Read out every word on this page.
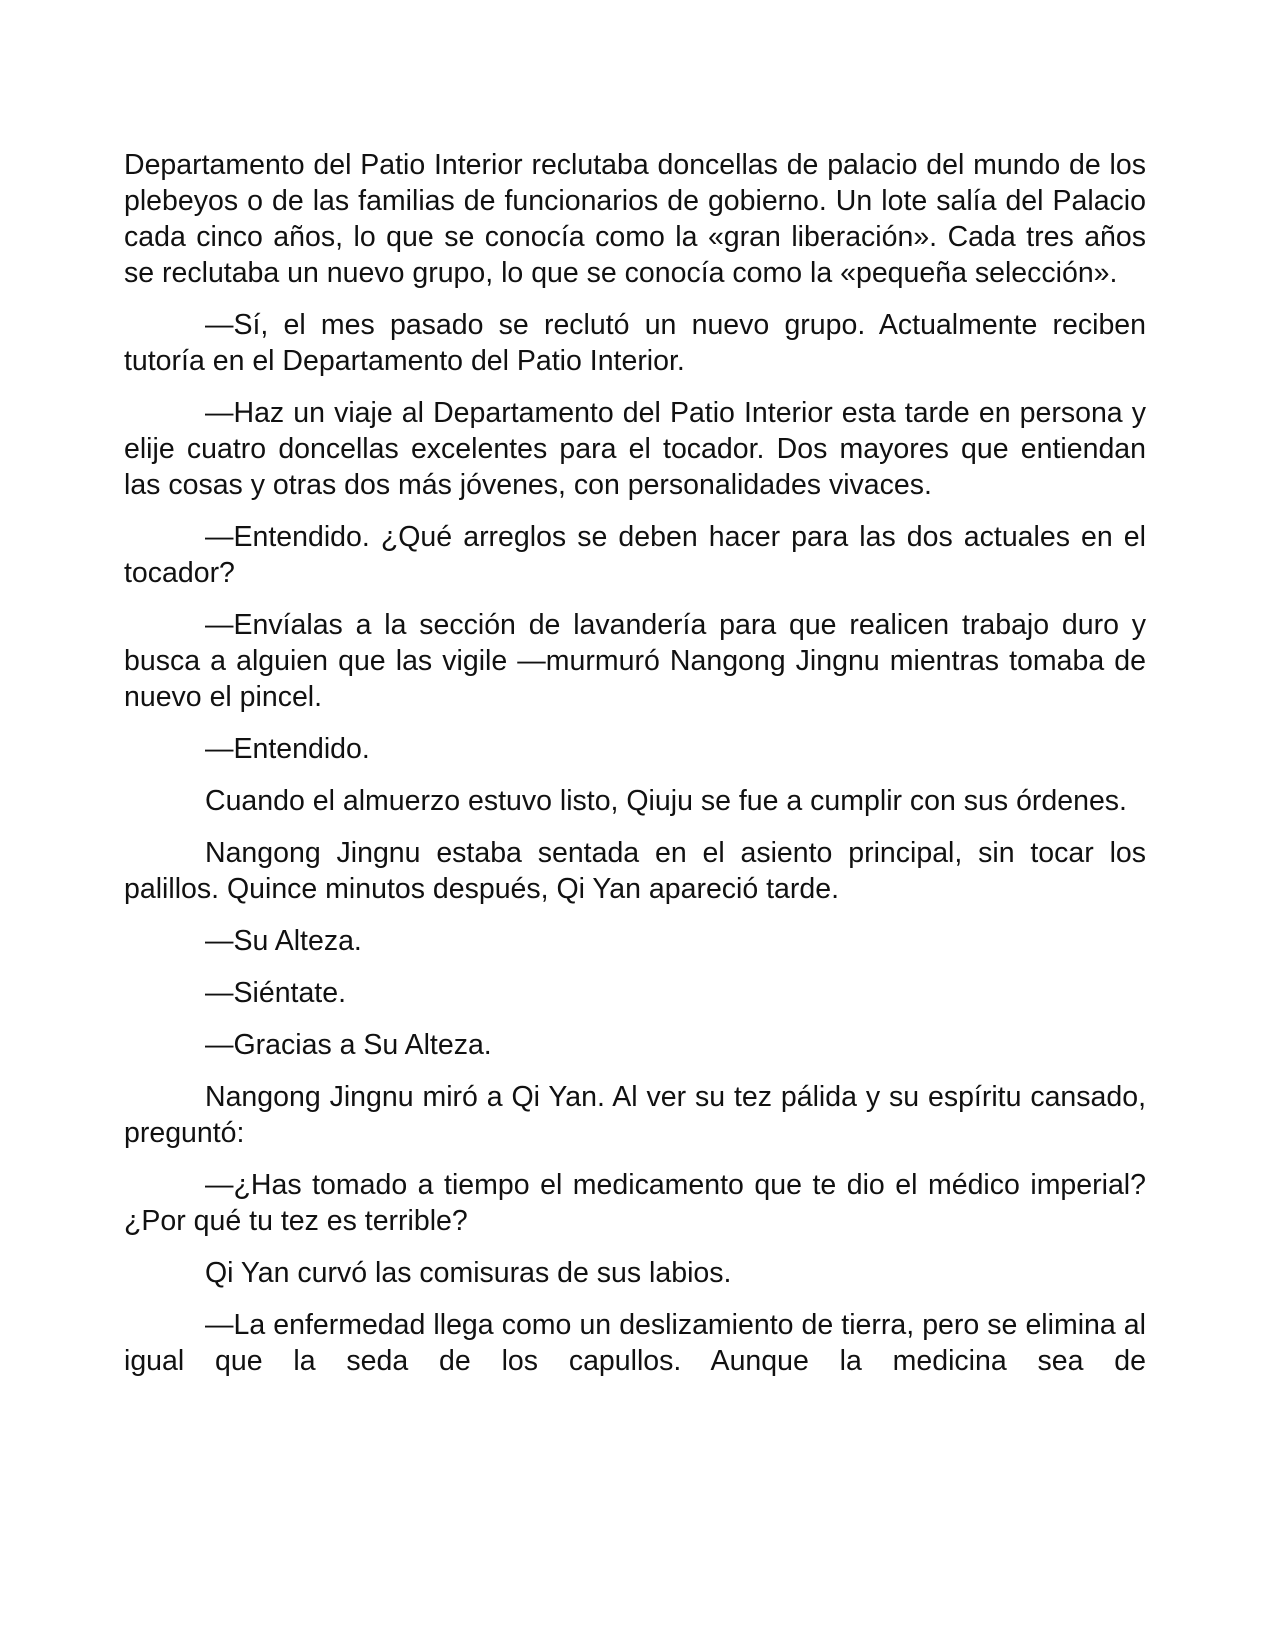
Departamento del Patio Interior reclutaba doncellas de palacio del mundo de los plebeyos o de las familias de funcionarios de gobierno. Un lote salía del Palacio cada cinco años, lo que se conocía como la «gran liberación». Cada tres años se reclutaba un nuevo grupo, lo que se conocía como la «pequeña selección».

—Sí, el mes pasado se reclutó un nuevo grupo. Actualmente reciben tutoría en el Departamento del Patio Interior.

—Haz un viaje al Departamento del Patio Interior esta tarde en persona y elije cuatro doncellas excelentes para el tocador. Dos mayores que entiendan las cosas y otras dos más jóvenes, con personalidades vivaces.

—Entendido. ¿Qué arreglos se deben hacer para las dos actuales en el tocador?

—Envíalas a la sección de lavandería para que realicen trabajo duro y busca a alguien que las vigile —murmuró Nangong Jingnu mientras tomaba de nuevo el pincel.

—Entendido.

Cuando el almuerzo estuvo listo, Qiuju se fue a cumplir con sus órdenes.

Nangong Jingnu estaba sentada en el asiento principal, sin tocar los palillos. Quince minutos después, Qi Yan apareció tarde.

—Su Alteza.

—Siéntate.

—Gracias a Su Alteza.

Nangong Jingnu miró a Qi Yan. Al ver su tez pálida y su espíritu cansado, preguntó:

—¿Has tomado a tiempo el medicamento que te dio el médico imperial? ¿Por qué tu tez es terrible?

Qi Yan curvó las comisuras de sus labios.

—La enfermedad llega como un deslizamiento de tierra, pero se elimina al igual que la seda de los capullos. Aunque la medicina sea de
